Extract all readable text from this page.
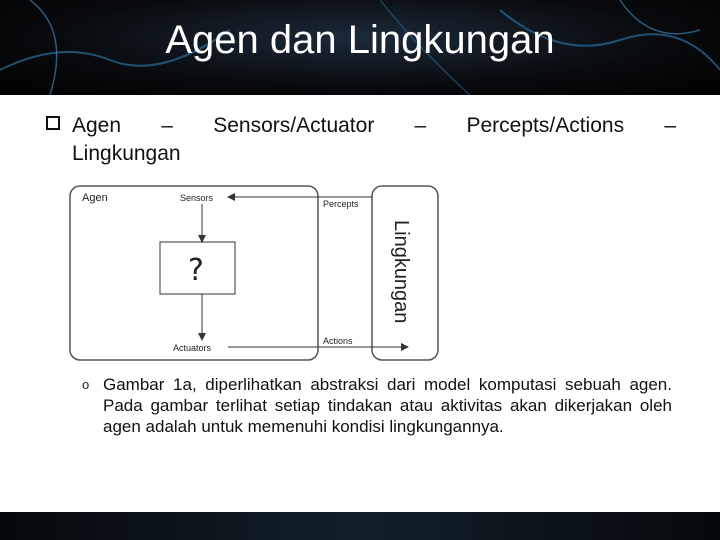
Agen dan Lingkungan
Agen – Sensors/Actuator – Percepts/Actions –
Lingkungan
Agen	Sensors
Actuators
Percepts
Actions
?	Lingkungan
o Gambar 1a, diperlihatkan abstraksi dari model komputasi sebuah agen. Pada gambar terlihat setiap tindakan atau aktivitas akan dikerjakan oleh agen adalah untuk memenuhi kondisi lingkungannya.
